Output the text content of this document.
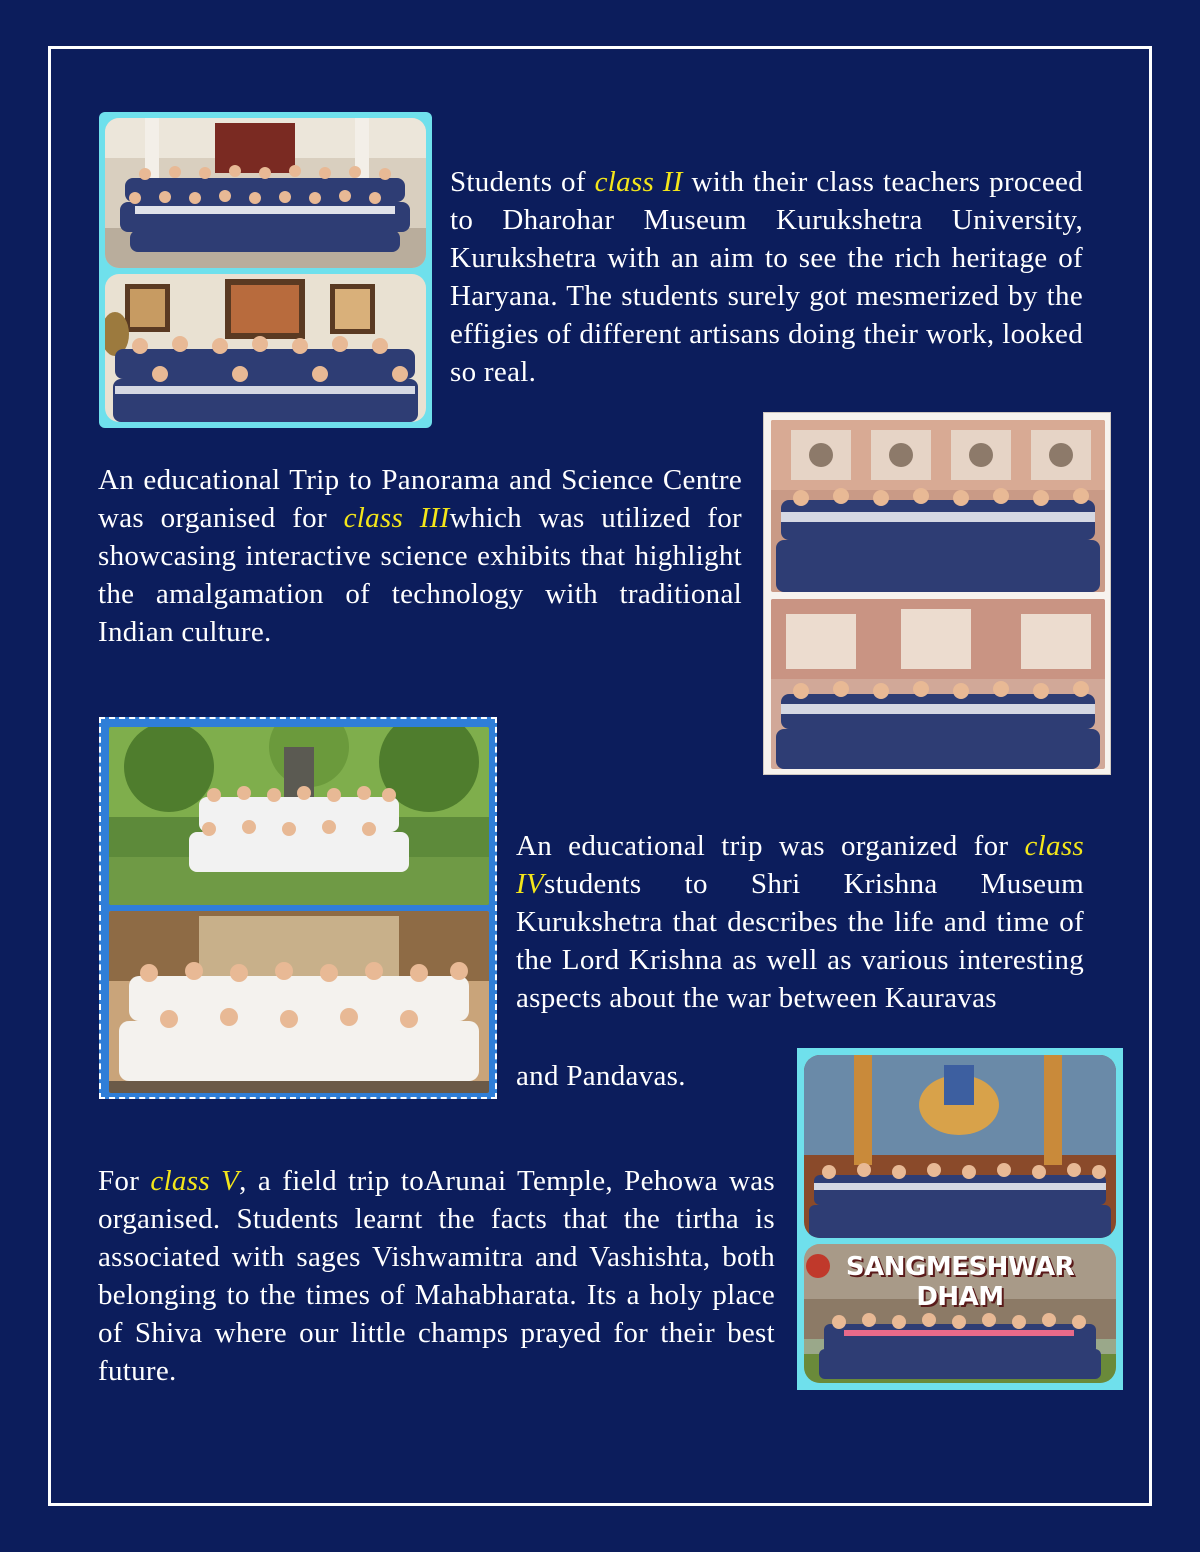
Students of class II with their class teachers proceed to Dharohar Museum Kurukshetra University, Kurukshetra with an aim to see the rich heritage of Haryana. The students surely got mesmerized by the effigies of different artisans doing their work, looked so real.

An educational Trip to Panorama and Science Centre was organised for class IIIwhich was utilized for showcasing interactive science exhibits that highlight the amalgamation of technology with traditional Indian culture.

An educational trip was organized for class IVstudents to Shri Krishna Museum Kurukshetra that describes the life and time of the Lord Krishna as well as various interesting aspects about the war between Kauravas

and Pandavas.

For class V, a field trip toArunai Temple, Pehowa was organised. Students learnt the facts that the tirtha is associated with sages Vishwamitra and Vashishta, both belonging to the times of Mahabharata. Its a holy place of Shiva where our little champs prayed for their best future.

SANGMESHWAR DHAM
